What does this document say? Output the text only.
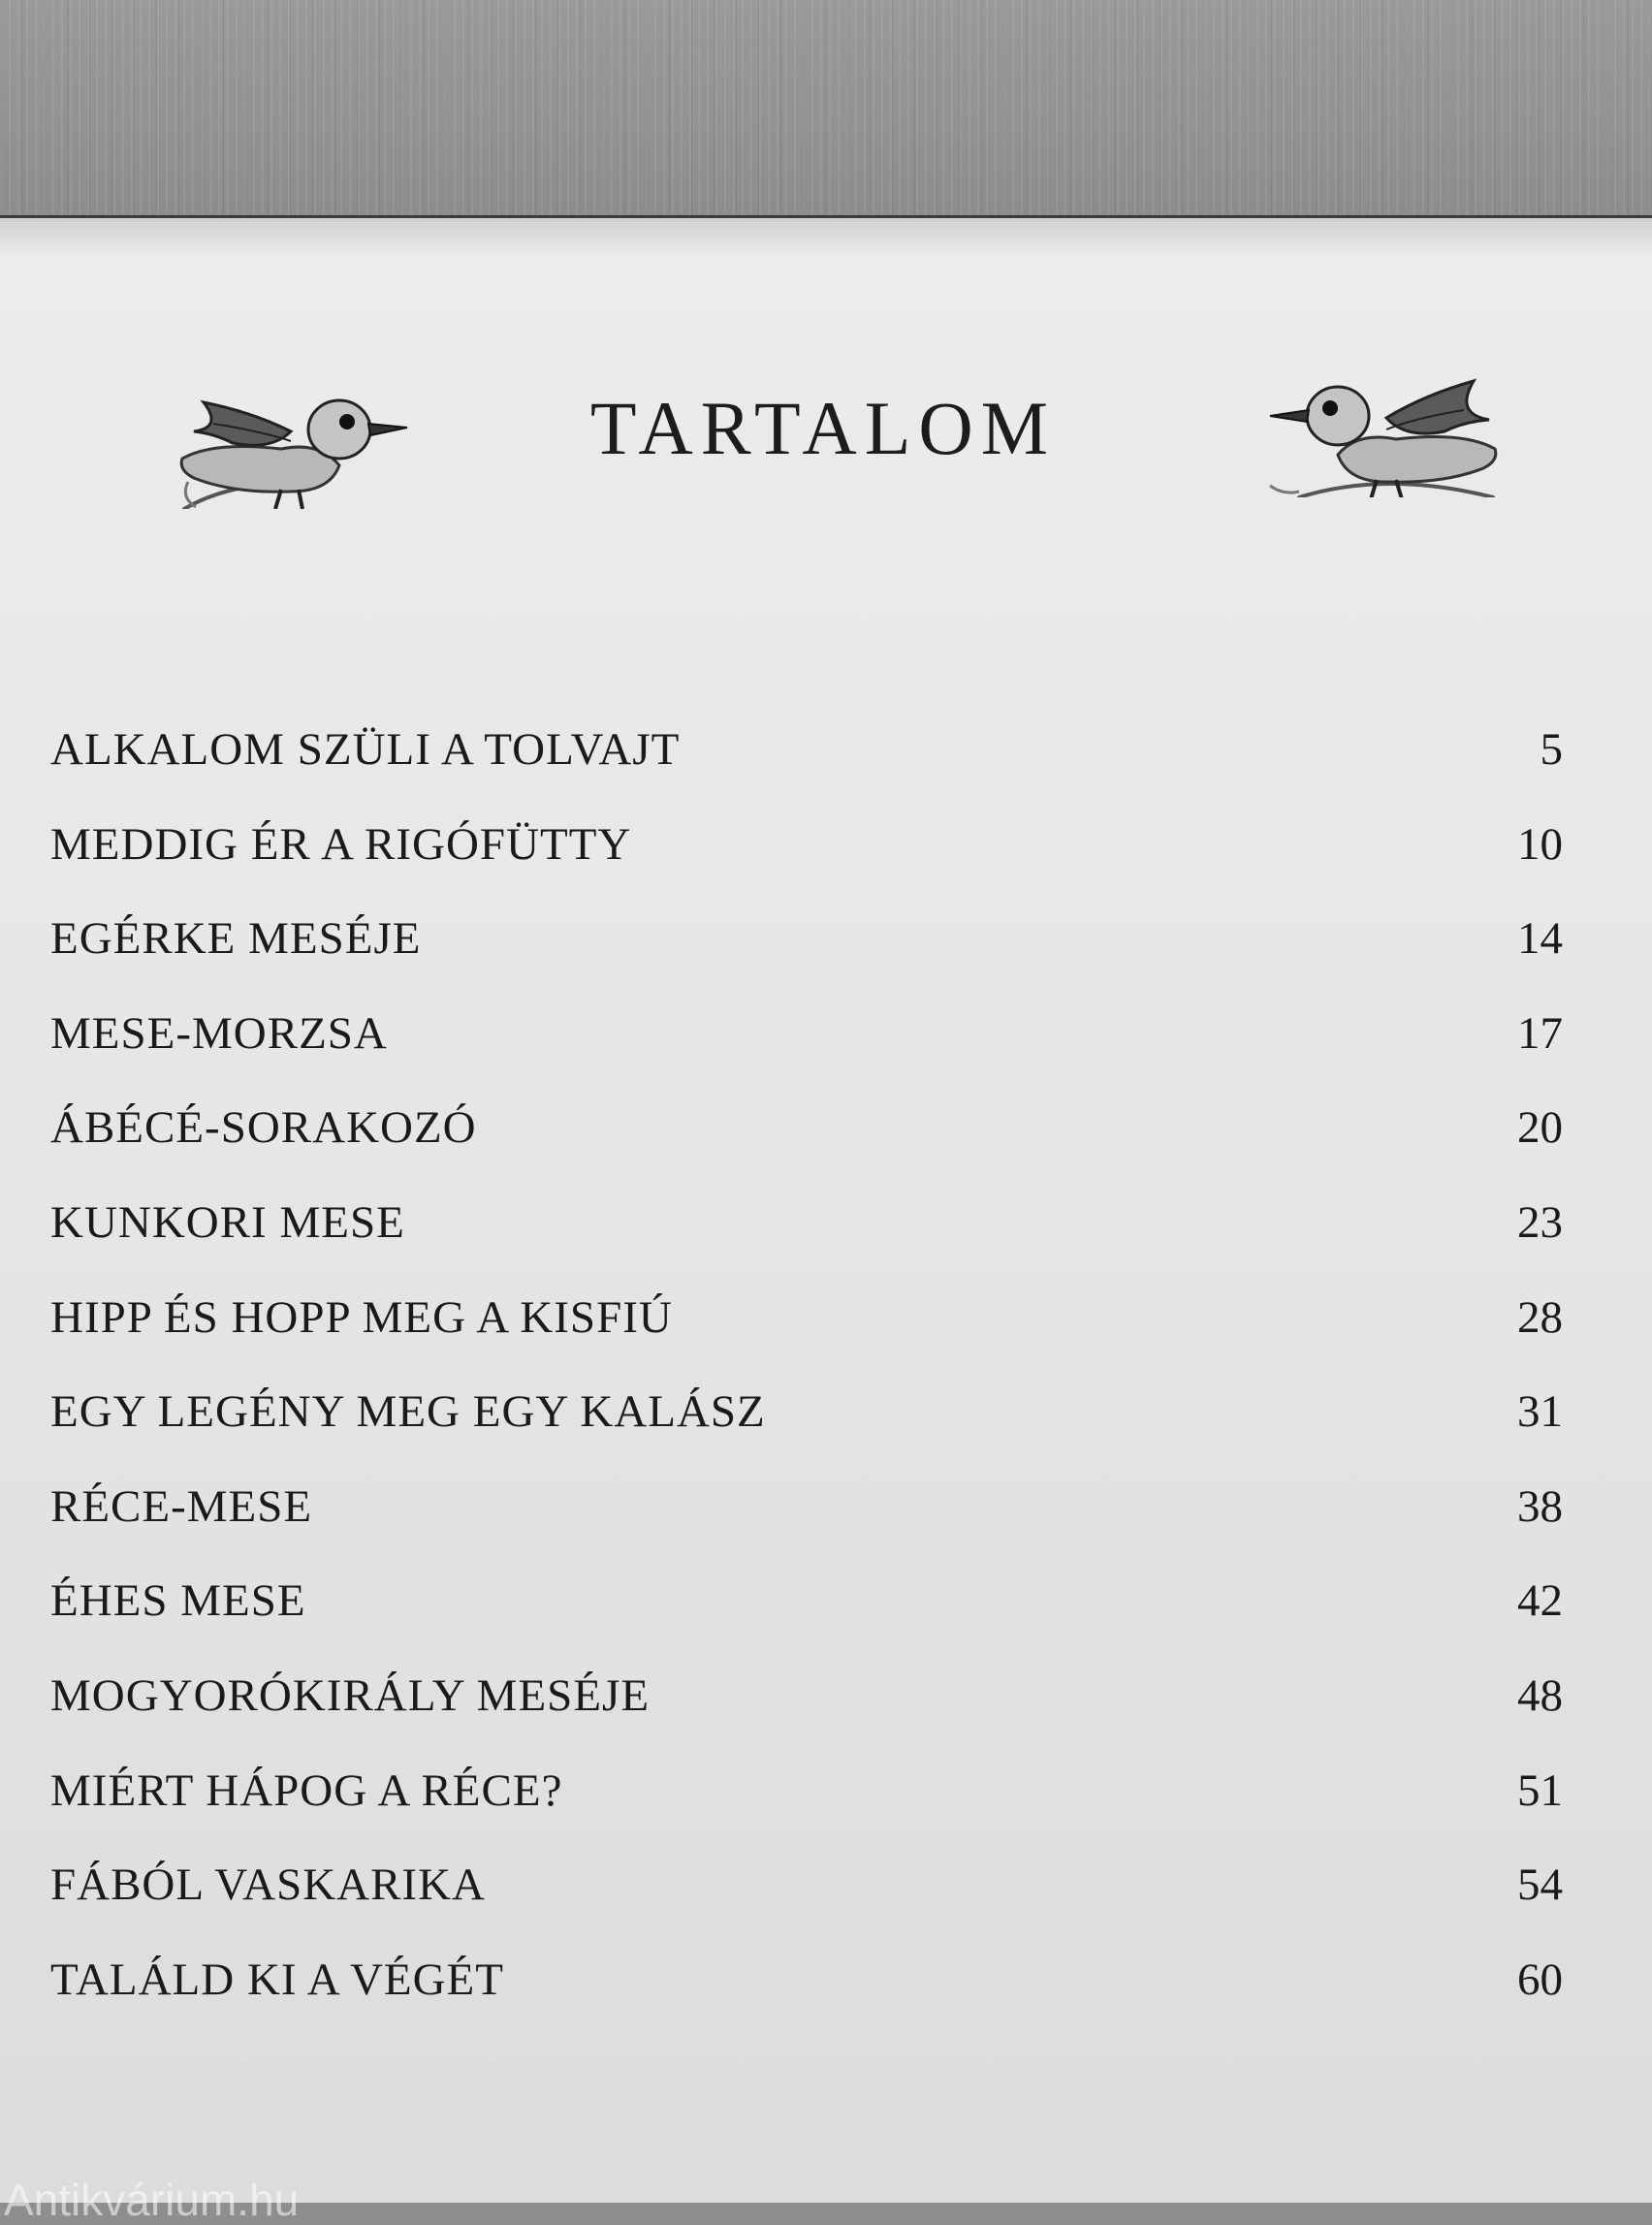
TARTALOM
ALKALOM SZÜLI A TOLVAJT	5
MEDDIG ÉR A RIGÓFÜTTY	10
EGÉRKE MESÉJE	14
MESE-MORZSA	17
ÁBÉCÉ-SORAKOZÓ	20
KUNKORI MESE	23
HIPP ÉS HOPP MEG A KISFIÚ	28
EGY LEGÉNY MEG EGY KALÁSZ	31
RÉCE-MESE	38
ÉHES MESE	42
MOGYORÓKIRÁLY MESÉJE	48
MIÉRT HÁPOG A RÉCE?	51
FÁBÓL VASKARIKA	54
TALÁLD KI A VÉGÉT	60
Antikvárium.hu
